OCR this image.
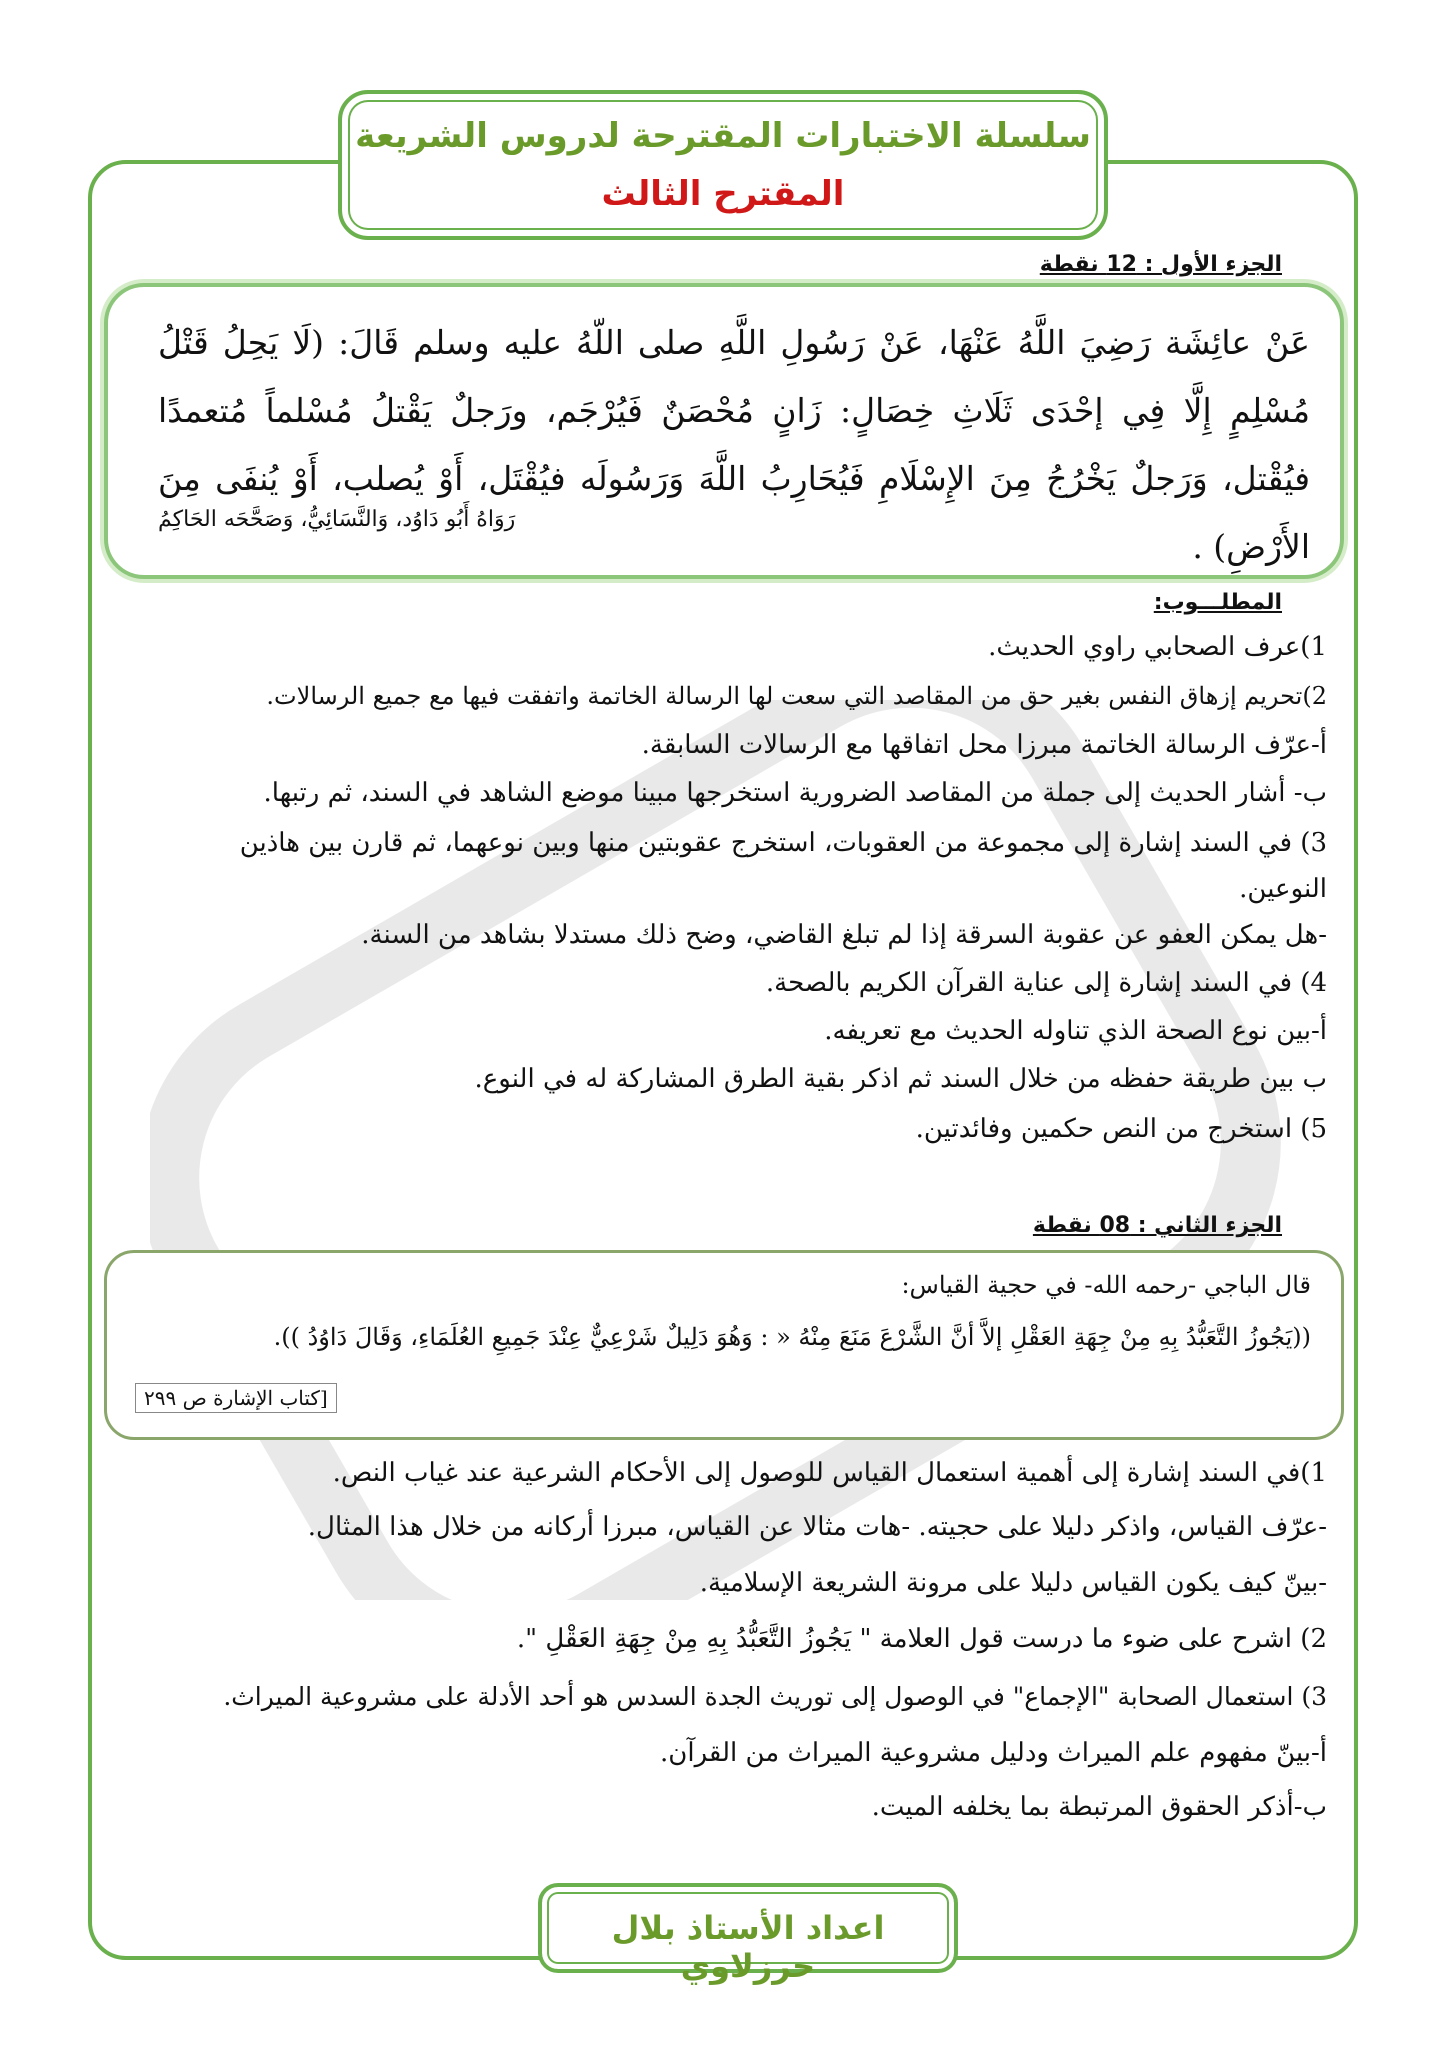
سلسلة الاختبارات المقترحة لدروس الشريعة
المقترح الثالث
الجزء الأول : 12 نقطة
عَنْ عائِشَة رَضِيَ اللَّهُ عَنْهَا، عَنْ رَسُولِ اللَّهِ صلى اللّهُ عليه وسلم قَالَ: (لَا يَحِلُ قَتْلُ مُسْلِمٍ إِلَّا فِي إحْدَى ثَلَاثِ خِصَالٍ: زَانٍ مُحْصَنٌ فَيُرْجَم، ورَجلٌ يَقْتلُ مُسْلماً مُتعمدًا فيُقْتل، وَرَجلٌ يَخْرُجُ مِنَ الإِسْلَامِ فَيُحَارِبُ اللَّهَ وَرَسُولَه فيُقْتَل، أَوْ يُصلب، أَوْ يُنفَى مِنَ الأَرْضِ) .
رَوَاهُ أَبُو دَاوُد، وَالنَّسَائِيُّ، وَصَحَّحَه الحَاكِمُ
المطلـــوب:
1)عرف الصحابي راوي الحديث.
2)تحريم إزهاق النفس بغير حق من المقاصد التي سعت لها الرسالة الخاتمة واتفقت فيها مع جميع الرسالات.
أ-عرّف الرسالة الخاتمة مبرزا محل اتفاقها مع الرسالات السابقة.
ب- أشار الحديث إلى جملة من المقاصد الضرورية استخرجها مبينا موضع الشاهد في السند، ثم رتبها.
3) في السند إشارة إلى مجموعة من العقوبات، استخرج عقوبتين منها وبين نوعهما، ثم قارن بين هاذين
النوعين.
-هل يمكن العفو عن عقوبة السرقة إذا لم تبلغ القاضي، وضح ذلك مستدلا بشاهد من السنة.
4) في السند إشارة إلى عناية القرآن الكريم بالصحة.
أ-بين نوع الصحة الذي تناوله الحديث مع تعريفه.
ب بين طريقة حفظه من خلال السند ثم اذكر بقية الطرق المشاركة له في النوع.
5) استخرج من النص حكمين وفائدتين.
الجزء الثاني : 08 نقطة
قال الباجي -رحمه الله- في حجية القياس:
((يَجُوزُ التَّعَبُّدُ بِهِ مِنْ جِهَةِ العَقْلِ إلاَّ أنَّ الشَّرْعَ مَنَعَ مِنْهُ « : وَهُوَ دَلِيلٌ شَرْعِيٌّ عِنْدَ جَمِيعِ العُلَمَاءِ، وَقَالَ دَاوُدُ )).
[كتاب الإشارة ص ٢٩٩
1)في السند إشارة إلى أهمية استعمال القياس للوصول إلى الأحكام الشرعية عند غياب النص.
-عرّف القياس، واذكر دليلا على حجيته. -هات مثالا عن القياس، مبرزا أركانه من خلال هذا المثال.
-بينّ كيف يكون القياس دليلا على مرونة الشريعة الإسلامية.
2) اشرح على ضوء ما درست قول العلامة " يَجُوزُ التَّعَبُّدُ بِهِ مِنْ جِهَةِ العَقْلِ ".
3) استعمال الصحابة "الإجماع" في الوصول إلى توريث الجدة السدس هو أحد الأدلة على مشروعية الميراث.
أ-بينّ مفهوم علم الميراث ودليل مشروعية الميراث من القرآن.
ب-أذكر الحقوق المرتبطة بما يخلفه الميت.
اعداد الأستاذ بلال حرزلاوي
